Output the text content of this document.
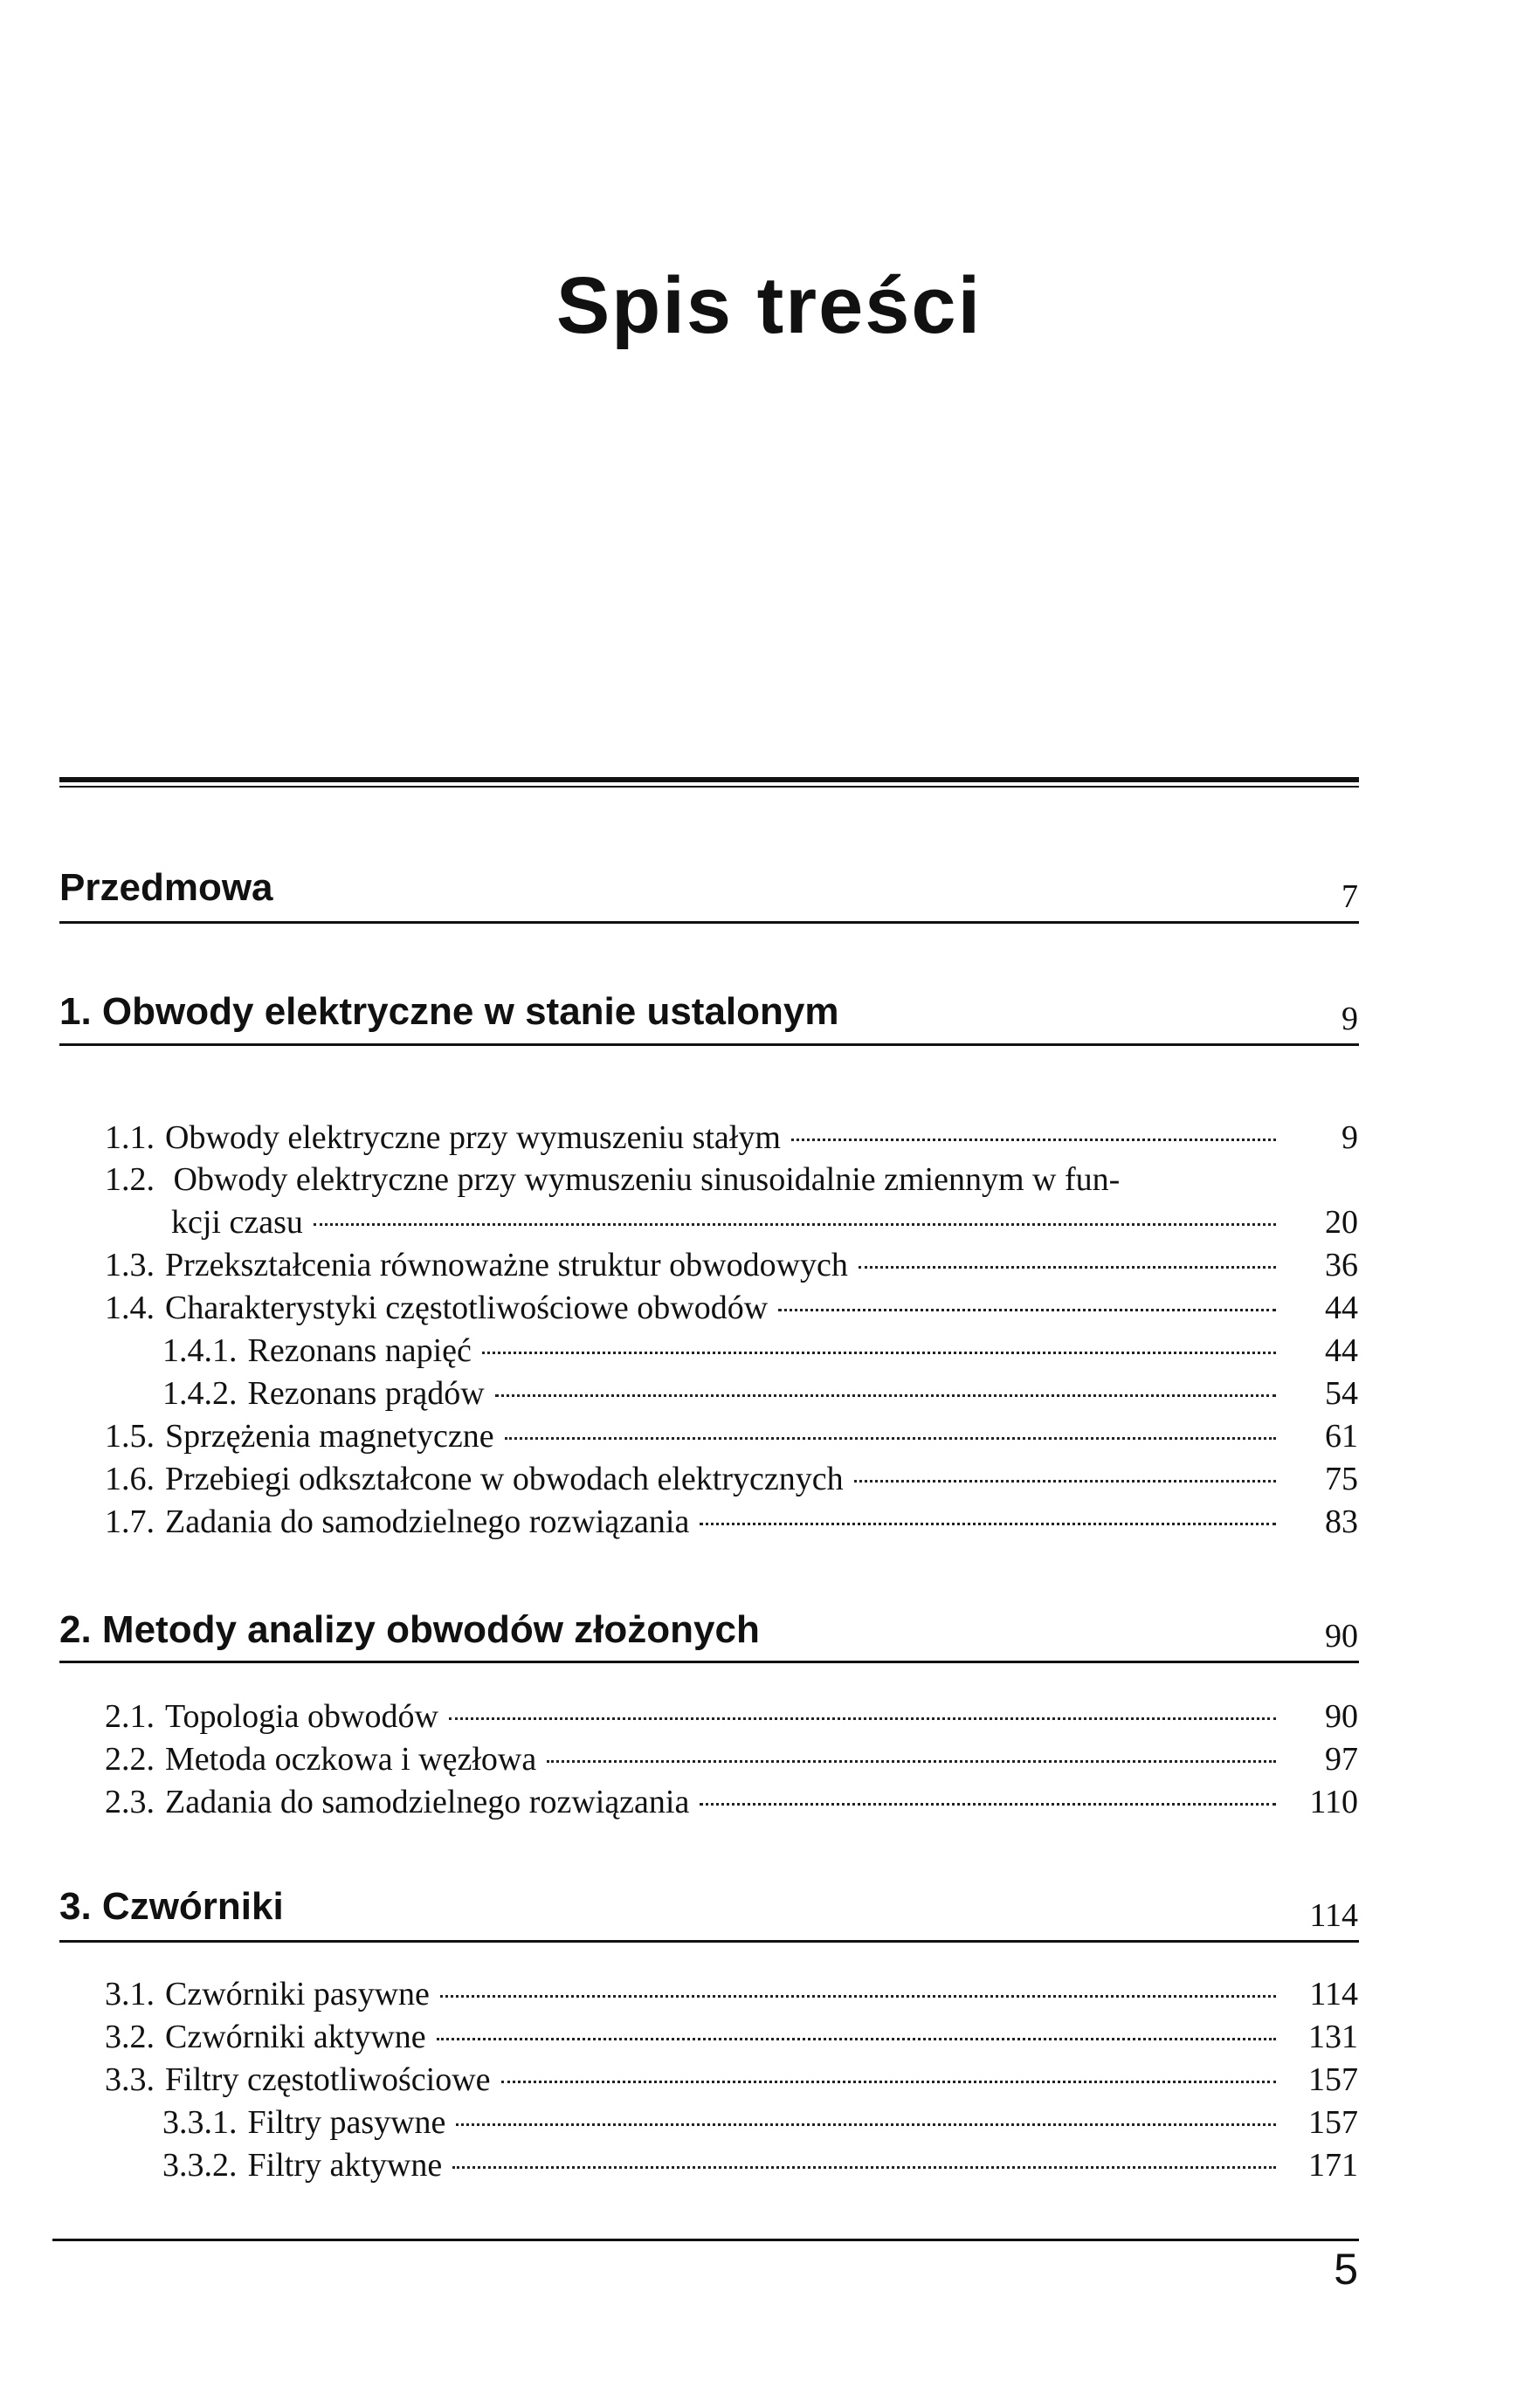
Spis treści
Przedmowa	7
1. Obwody elektryczne w stanie ustalonym	9
1.1. Obwody elektryczne przy wymuszeniu stałym	9
1.2. Obwody elektryczne przy wymuszeniu sinusoidalnie zmiennym w fun-
kcji czasu	20
1.3. Przekształcenia równoważne struktur obwodowych	36
1.4. Charakterystyki częstotliwościowe obwodów	44
1.4.1. Rezonans napięć	44
1.4.2. Rezonans prądów	54
1.5. Sprzężenia magnetyczne	61
1.6. Przebiegi odkształcone w obwodach elektrycznych	75
1.7. Zadania do samodzielnego rozwiązania	83
2. Metody analizy obwodów złożonych	90
2.1. Topologia obwodów	90
2.2. Metoda oczkowa i węzłowa	97
2.3. Zadania do samodzielnego rozwiązania	110
3. Czwórniki	114
3.1. Czwórniki pasywne	114
3.2. Czwórniki aktywne	131
3.3. Filtry częstotliwościowe	157
3.3.1. Filtry pasywne	157
3.3.2. Filtry aktywne	171
5
